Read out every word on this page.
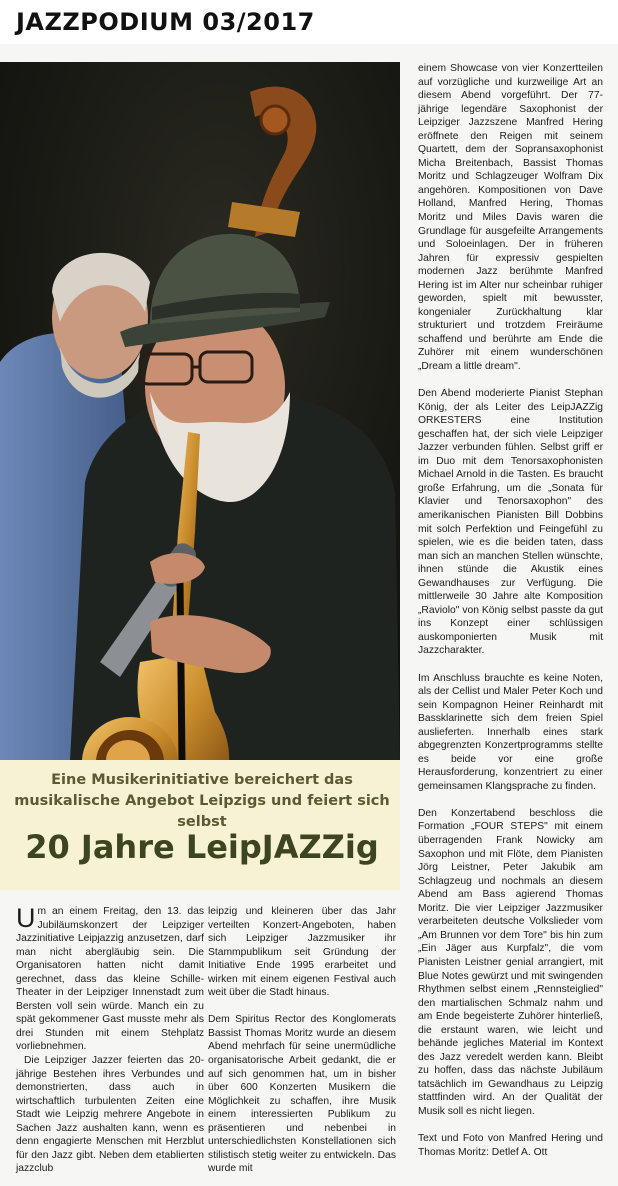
JAZZPODIUM 03/2017
Eine Musikerinitiative bereichert das musikalische Angebot Leipzigs und feiert sich selbst
20 Jahre LeipJAZZig

Um an einem Freitag, den 13. das Jubiläumskonzert der Leipziger Jazzinitiative Leipjazzig anzusetzen, darf man nicht abergläubig sein. Die Organisatoren hatten nicht damit gerechnet, dass das kleine Schille-Theater in der Leipziger Innenstadt zum Bersten voll sein würde. Manch ein zu spät gekommener Gast musste mehr als drei Stunden mit einem Stehplatz vorliebnehmen.

Die Leipziger Jazzer feierten das 20-jährige Bestehen ihres Verbundes und demonstrierten, dass auch in wirtschaftlich turbulenten Zeiten eine Stadt wie Leipzig mehrere Angebote in Sachen Jazz aushalten kann, wenn es denn engagierte Menschen mit Herzblut für den Jazz gibt. Neben dem etablierten jazzclub

leipzig und kleineren über das Jahr verteilten Konzert-Angeboten, haben sich Leipziger Jazzmusiker ihr Stammpublikum seit Gründung der Initiative Ende 1995 erarbeitet und wirken mit einem eigenen Festival auch weit über die Stadt hinaus.

Dem Spiritus Rector des Konglomerats Bassist Thomas Moritz wurde an diesem Abend mehrfach für seine unermüdliche organisatorische Arbeit gedankt, die er auf sich genommen hat, um in bisher über 600 Konzerten Musikern die Möglichkeit zu schaffen, ihre Musik einem interessierten Publikum zu präsentieren und nebenbei in unterschiedlichsten Konstellationen sich stilistisch stetig weiter zu entwickeln. Das wurde mit

einem Showcase von vier Konzertteilen auf vorzügliche und kurzweilige Art an diesem Abend vorgeführt. Der 77-jährige legendäre Saxophonist der Leipziger Jazzszene Manfred Hering eröffnete den Reigen mit seinem Quartett, dem der Sopransaxophonist Micha Breitenbach, Bassist Thomas Moritz und Schlagzeuger Wolfram Dix angehören. Kompositionen von Dave Holland, Manfred Hering, Thomas Moritz und Miles Davis waren die Grundlage für ausgefeilte Arrangements und Soloeinlagen. Der in früheren Jahren für expressiv gespielten modernen Jazz berühmte Manfred Hering ist im Alter nur scheinbar ruhiger geworden, spielt mit bewusster, kongenialer Zurückhaltung klar strukturiert und trotzdem Freiräume schaffend und berührte am Ende die Zuhörer mit einem wunderschönen „Dream a little dream".

Den Abend moderierte Pianist Stephan König, der als Leiter des LeipJAZZig ORKESTERS eine Institution geschaffen hat, der sich viele Leipziger Jazzer verbunden fühlen. Selbst griff er im Duo mit dem Tenorsaxophonisten Michael Arnold in die Tasten. Es braucht große Erfahrung, um die „Sonata für Klavier und Tenorsaxophon" des amerikanischen Pianisten Bill Dobbins mit solch Perfektion und Feingefühl zu spielen, wie es die beiden taten, dass man sich an manchen Stellen wünschte, ihnen stünde die Akustik eines Gewandhauses zur Verfügung. Die mittlerweile 30 Jahre alte Komposition „Raviolo" von König selbst passte da gut ins Konzept einer schlüssigen auskomponierten Musik mit Jazzcharakter.

Im Anschluss brauchte es keine Noten, als der Cellist und Maler Peter Koch und sein Kompagnon Heiner Reinhardt mit Bassklarinette sich dem freien Spiel auslieferten. Innerhalb eines stark abgegrenzten Konzertprogramms stellte es beide vor eine große Herausforderung, konzentriert zu einer gemeinsamen Klangsprache zu finden.

Den Konzertabend beschloss die Formation „FOUR STEPS" mit einem überragenden Frank Nowicky am Saxophon und mit Flöte, dem Pianisten Jörg Leistner, Peter Jakubik am Schlagzeug und nochmals an diesem Abend am Bass agierend Thomas Moritz. Die vier Leipziger Jazzmusiker verarbeiteten deutsche Volkslieder vom „Am Brunnen vor dem Tore" bis hin zum „Ein Jäger aus Kurpfalz", die vom Pianisten Leistner genial arrangiert, mit Blue Notes gewürzt und mit swingenden Rhythmen selbst einem „Rennsteiglied" den martialischen Schmalz nahm und am Ende begeisterte Zuhörer hinterließ, die erstaunt waren, wie leicht und behände jegliches Material im Kontext des Jazz veredelt werden kann. Bleibt zu hoffen, dass das nächste Jubiläum tatsächlich im Gewandhaus zu Leipzig stattfinden wird. An der Qualität der Musik soll es nicht liegen.

Text und Foto von Manfred Hering und Thomas Moritz: Detlef A. Ott
